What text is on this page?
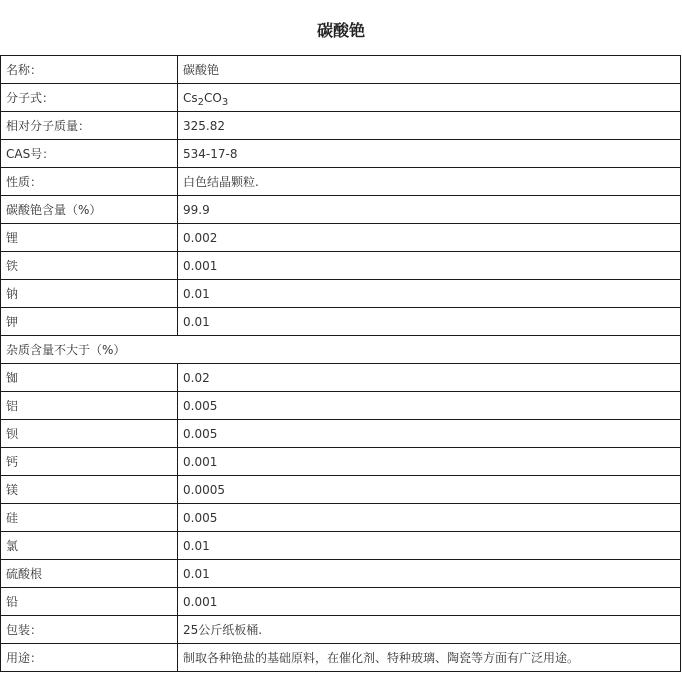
碳酸铯
名称：	碳酸铯
分子式：	$Cs_2CO_3$
相对分子质量：	325.82
CAS号：	534-17-8
性质：	白色结晶颗粒.
碳酸铯含量（%）	99.9
锂	0.002
铁	0.001
钠	0.01
钾	0.01
杂质含量不大于（%）	
铷	0.02
铝	0.005
钡	0.005
钙	0.001
镁	0.0005
硅	0.005
氯	0.01
硫酸根	0.01
铅	0.001
包装：	25公斤纸板桶.
用途：	制取各种铯盐的基础原料，在催化剂、特种玻璃、陶瓷等方面有广泛用途。
